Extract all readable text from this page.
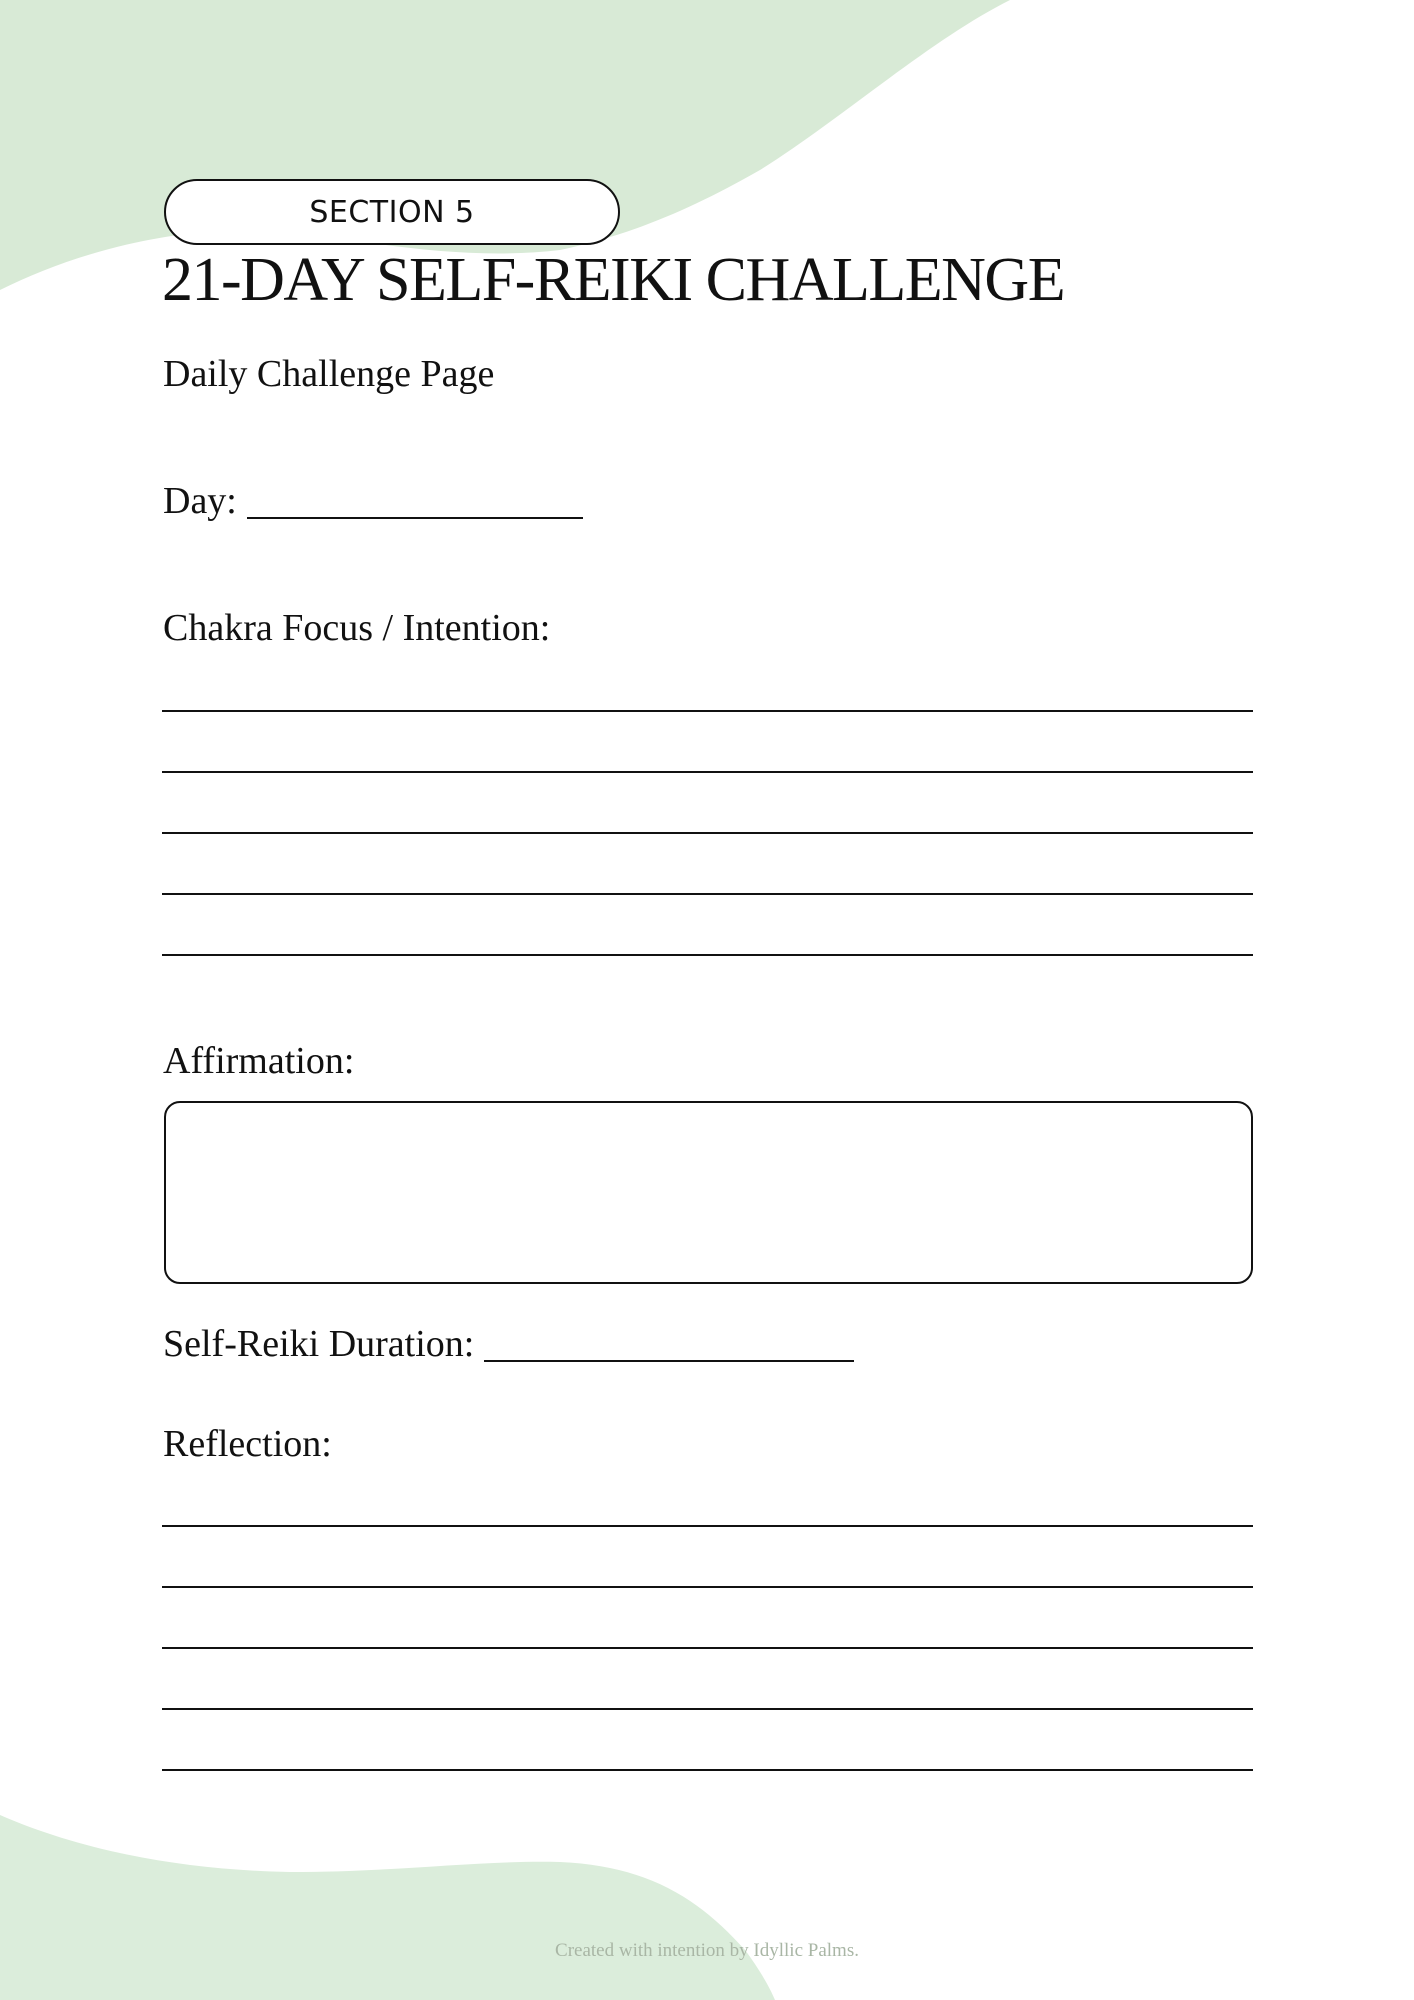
SECTION 5
21-DAY SELF-REIKI CHALLENGE
Daily Challenge Page
Day:
Chakra Focus / Intention:
Affirmation:
Self-Reiki Duration:
Reflection:
Created with intention by Idyllic Palms.
